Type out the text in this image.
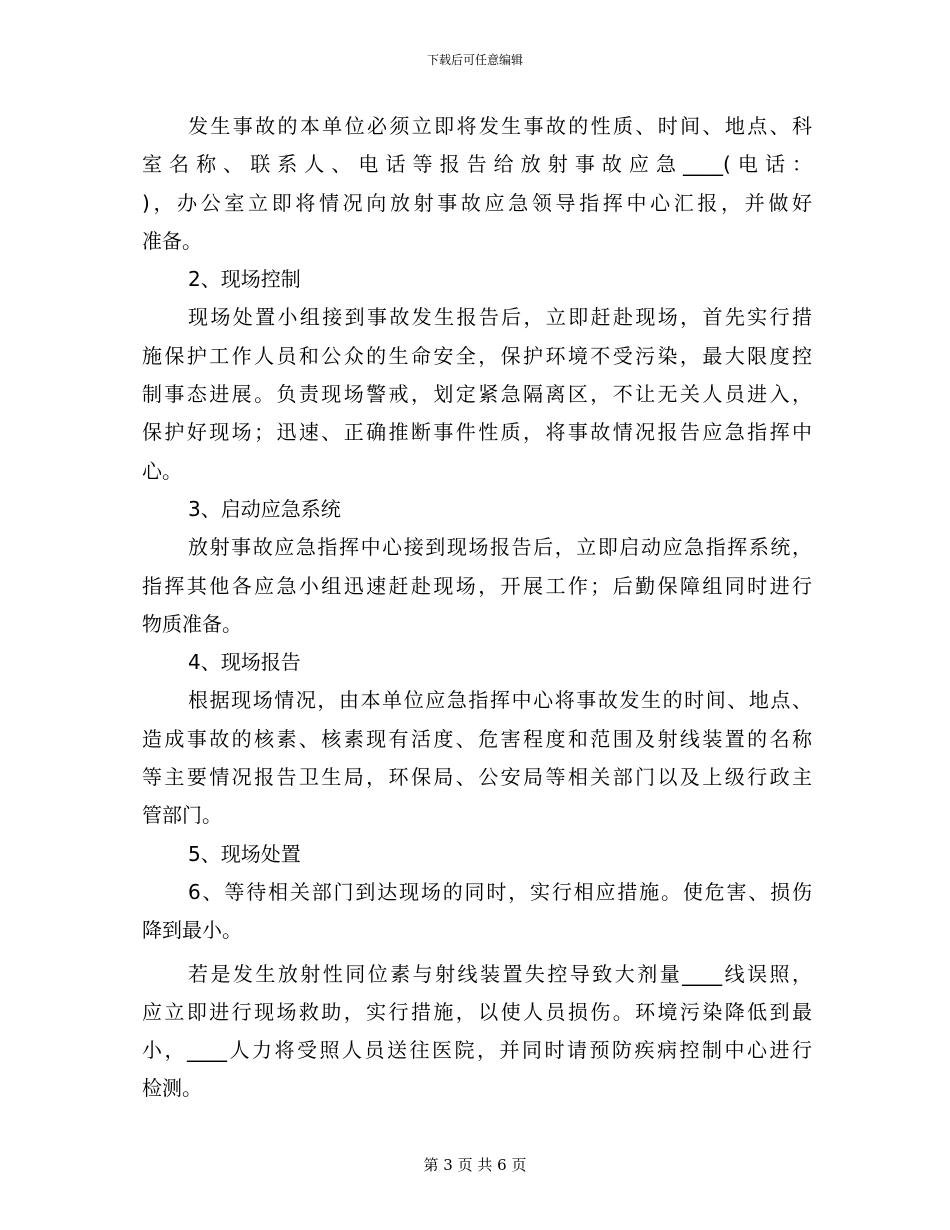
下载后可任意编辑
发生事故的本单位必须立即将发生事故的性质、时间、地点、科
室名称、联系人、电话等报告给放射事故应急____(电话：
)，办公室立即将情况向放射事故应急领导指挥中心汇报，并做好
准备。
2、现场控制
现场处置小组接到事故发生报告后，立即赶赴现场，首先实行措
施保护工作人员和公众的生命安全，保护环境不受污染，最大限度控
制事态进展。负责现场警戒，划定紧急隔离区，不让无关人员进入，
保护好现场；迅速、正确推断事件性质，将事故情况报告应急指挥中
心。
3、启动应急系统
放射事故应急指挥中心接到现场报告后，立即启动应急指挥系统，
指挥其他各应急小组迅速赶赴现场，开展工作；后勤保障组同时进行
物质准备。
4、现场报告
根据现场情况，由本单位应急指挥中心将事故发生的时间、地点、
造成事故的核素、核素现有活度、危害程度和范围及射线装置的名称
等主要情况报告卫生局，环保局、公安局等相关部门以及上级行政主
管部门。
5、现场处置
6、等待相关部门到达现场的同时，实行相应措施。使危害、损伤
降到最小。
若是发生放射性同位素与射线装置失控导致大剂量____线误照，
应立即进行现场救助，实行措施，以使人员损伤。环境污染降低到最
小，____人力将受照人员送往医院，并同时请预防疾病控制中心进行
检测。
第 3 页 共 6 页
